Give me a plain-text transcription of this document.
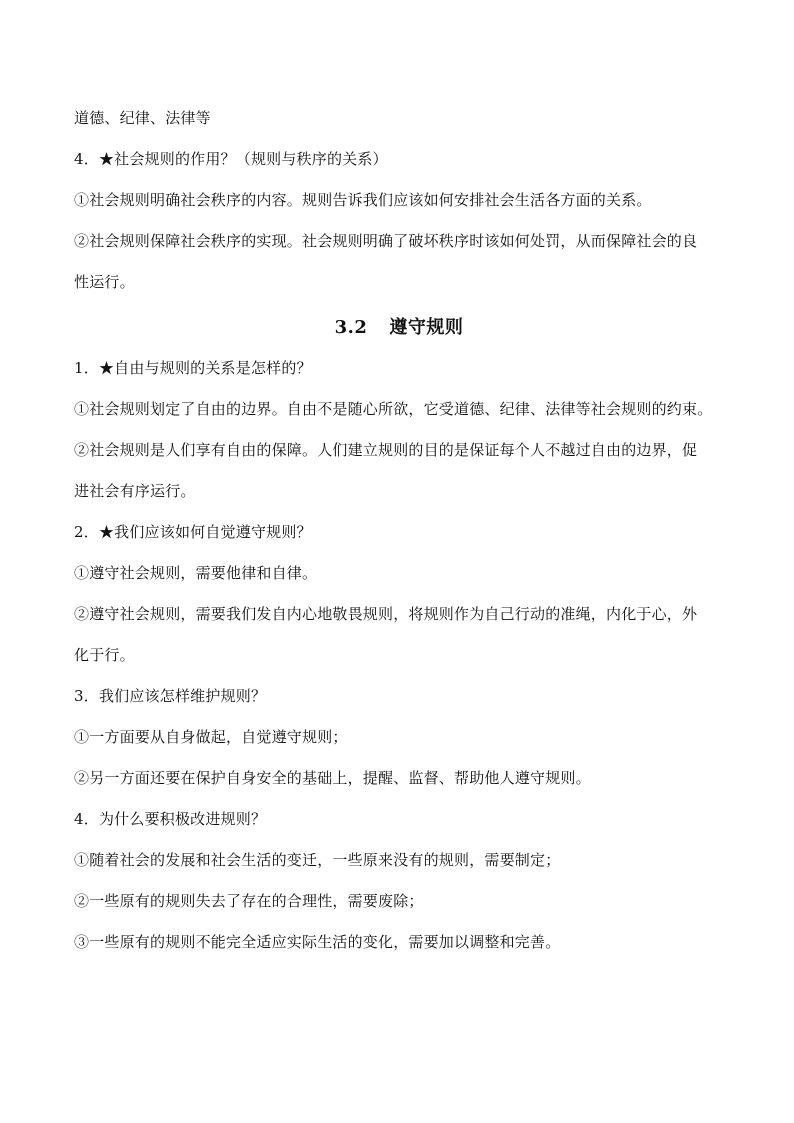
道德、纪律、法律等
4．★社会规则的作用？（规则与秩序的关系）
①社会规则明确社会秩序的内容。规则告诉我们应该如何安排社会生活各方面的关系。
②社会规则保障社会秩序的实现。社会规则明确了破坏秩序时该如何处罚，从而保障社会的良
性运行。
3.2 遵守规则
1．★自由与规则的关系是怎样的？
①社会规则划定了自由的边界。自由不是随心所欲，它受道德、纪律、法律等社会规则的约束。
②社会规则是人们享有自由的保障。人们建立规则的目的是保证每个人不越过自由的边界，促
进社会有序运行。
2．★我们应该如何自觉遵守规则？
①遵守社会规则，需要他律和自律。
②遵守社会规则，需要我们发自内心地敬畏规则，将规则作为自己行动的准绳，内化于心，外
化于行。
3．我们应该怎样维护规则？
①一方面要从自身做起，自觉遵守规则；
②另一方面还要在保护自身安全的基础上，提醒、监督、帮助他人遵守规则。
4．为什么要积极改进规则？
①随着社会的发展和社会生活的变迁，一些原来没有的规则，需要制定；
②一些原有的规则失去了存在的合理性，需要废除；
③一些原有的规则不能完全适应实际生活的变化，需要加以调整和完善。
